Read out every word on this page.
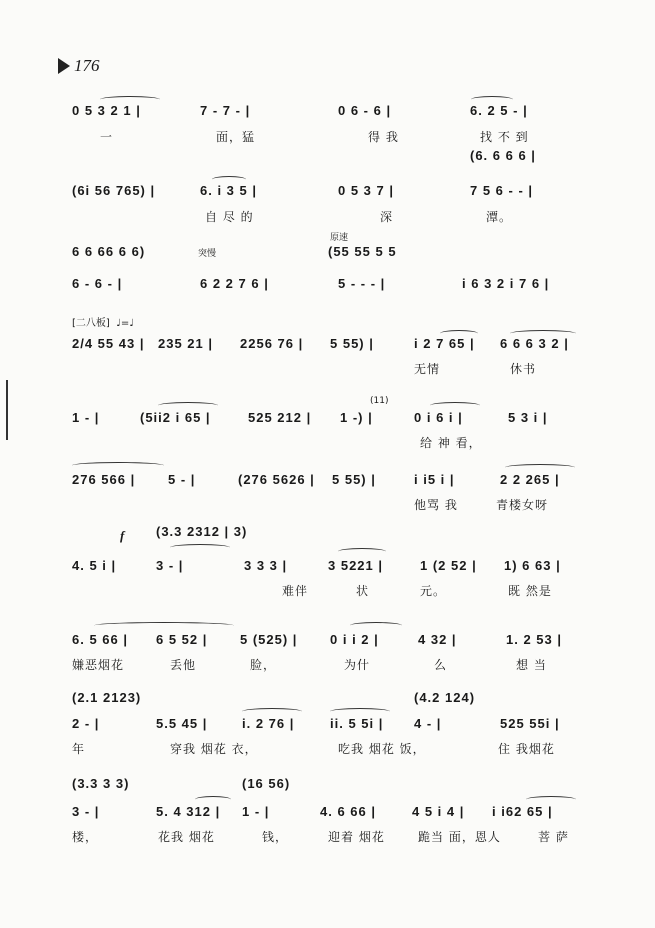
176
0 5 3 2 1 |	7 - 7 - |	0 6 - 6 |	6. 2 5 - |
一	面，猛	得 我	找 不 到
(6. 6 6 6 |
(6i 56 765) |	6. i 3 5 |	0 5 3 7 |	7 5 6 - - |
自 尽 的	深	潭。
6 6 66 6 6)	突慢
原速
(55 55 5 5
6 - 6 - |	6 2 2 7 6 |	5 - - - |	i 6 3 2 i 7 6 |
[二八板]  ♩=♩
2/4 55 43 | 235 21 | 2256 76 | 5 55) |	i 2 7 65 | 6 6 6 3 2 |
无情	休书
(11)
1 - |	(5ii2 i 65 |	525 212 | 1 -) |	0 i 6 i |	5 3 i |
给 神 看，
276 566 |	5 - |	(276 5626 | 5 55) |	i i5 i |	2 2 265 |
他骂 我	青楼女呀
f (3.3 2312 | 3)
4. 5 i |	3 - |	3 3 3 |	3 5221 |	1 (2 52 | 1) 6 63 |
难伴	状	元。	既 然是
6. 5 66 | 6 5 52 |	5 (525) |	0 i i 2 |	4 32 |	1. 2 53 |
嫌恶烟花	丢他	脸，	为什	么	想 当
(2.1 2123)	(4.2 124)
2 - |	5.5 45 |	i. 2 76 |	ii. 5 5i | 4 - |	525 55i |
年	穿我 烟花 衣，	吃我 烟花 饭，	住 我烟花
(3.3 3 3)	(16 56)
3 - |	5. 4 312 | 1 - |	4. 6 66 |	4 5 i 4 | i i62 65 |
楼，	花我 烟花	钱，	迎着 烟花	跪当 面，恩人	菩 萨
